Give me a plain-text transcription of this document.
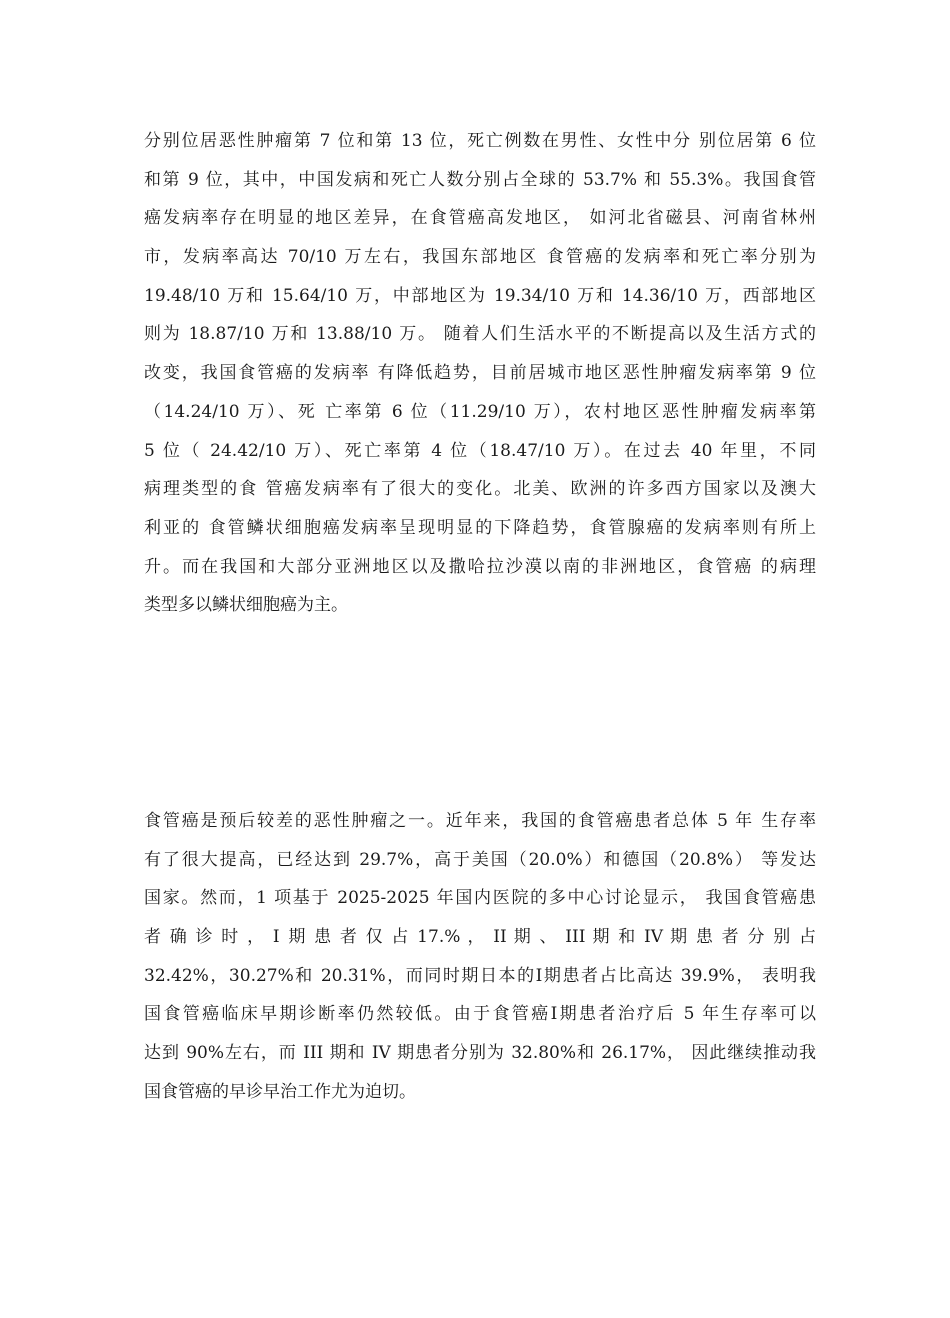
分别位居恶性肿瘤第 7 位和第 13 位，死亡例数在男性、女性中分 别位居第 6 位
和第 9 位，其中，中国发病和死亡人数分别占全球的 53.7% 和 55.3%。我国食管
癌发病率存在明显的地区差异，在食管癌高发地区， 如河北省磁县、河南省林州
市，发病率高达 70/10 万左右，我国东部地区 食管癌的发病率和死亡率分别为
19.48/10 万和 15.64/10 万，中部地区为 19.34/10 万和 14.36/10 万，西部地区
则为 18.87/10 万和 13.88/10 万。 随着人们生活水平的不断提高以及生活方式的
改变，我国食管癌的发病率 有降低趋势，目前居城市地区恶性肿瘤发病率第 9 位
（14.24/10 万）、死 亡率第 6 位（11.29/10 万），农村地区恶性肿瘤发病率第
5 位（ 24.42/10 万）、死亡率第 4 位（18.47/10 万）。在过去 40 年里，不同
病理类型的食 管癌发病率有了很大的变化。北美、欧洲的许多西方国家以及澳大
利亚的 食管鳞状细胞癌发病率呈现明显的下降趋势，食管腺癌的发病率则有所上
升。而在我国和大部分亚洲地区以及撒哈拉沙漠以南的非洲地区，食管癌 的病理
类型多以鳞状细胞癌为主。
食管癌是预后较差的恶性肿瘤之一。近年来，我国的食管癌患者总体 5 年 生存率
有了很大提高，已经达到 29.7%，高于美国（20.0%）和德国（20.8%） 等发达
国家。然而，1 项基于 2025-2025 年国内医院的多中心讨论显示， 我国食管癌患
者 确 诊 时 ， Ⅰ 期 患 者 仅 占 17.% ， II 期 、 III 期 和 IV 期 患 者 分 别 占
32.42%，30.27%和 20.31%，而同时期日本的Ⅰ期患者占比高达 39.9%， 表明我
国食管癌临床早期诊断率仍然较低。由于食管癌Ⅰ期患者治疗后 5 年生存率可以
达到 90%左右，而 III 期和 IV 期患者分别为 32.80%和 26.17%， 因此继续推动我
国食管癌的早诊早治工作尤为迫切。
